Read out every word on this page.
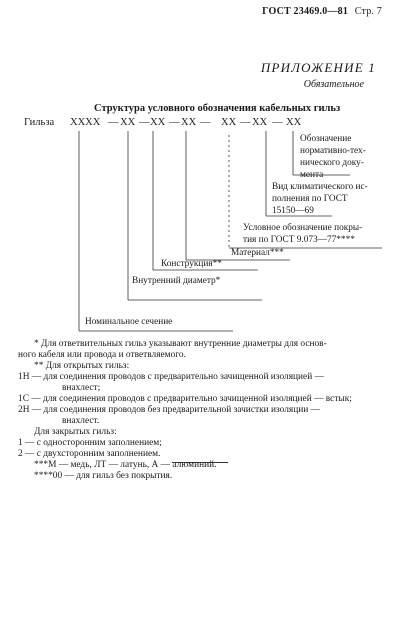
ГОСТ 23469.0—81 Стр. 7
ПРИЛОЖЕНИЕ 1
Обязательное
Структура условного обозначения кабельных гильз
Гильза XXXX — XX — XX — XX — XX — XX — XX
Обозначение
нормативно-тех-
нического доку-
мента
Вид климатического ис-
полнения по ГОСТ
15150—69
Условное обозначение покры-
тия по ГОСТ 9.073—77****
Материал***
Конструкция**
Внутренний диаметр*
Номинальное сечение
* Для ответвительных гильз указывают внутренние диаметры для основ-
ного кабеля или провода и ответвляемого.
** Для открытых гильз:
1Н — для соединения проводов с предварительно зачищенной изоляцией —
внахлест;
1С — для соединения проводов с предварительно зачищенной изоляцией — встык;
2Н — для соединения проводов без предварительной зачистки изоляции —
внахлест.
Для закрытых гильз:
1 — с односторонним заполнением;
2 — с двухсторонним заполнением.
***М — медь, ЛТ — латунь, А — алюминий.
****00 — для гильз без покрытия.
